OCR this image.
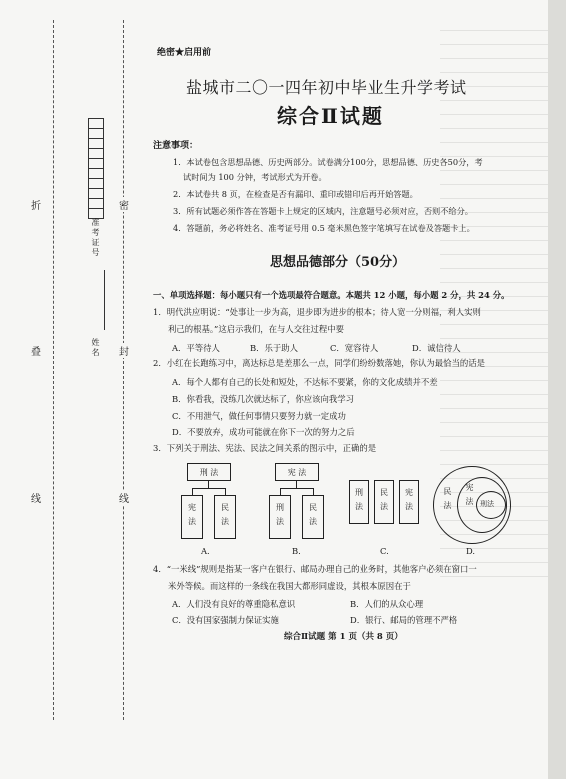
折
叠
线
密
封
线
准考证号
姓名
绝密★启用前
盐城市二〇一四年初中毕业生升学考试
综合Ⅱ试题
注意事项：
1．本试卷包含思想品德、历史两部分。试卷满分100分，思想品德、历史各50分，考
试时间为 100 分钟，考试形式为开卷。
2．本试卷共 8 页，在检查是否有漏印、重印或错印后再开始答题。
3．所有试题必须作答在答题卡上规定的区域内，注意题号必须对应，否则不给分。
4．答题前，务必将姓名、准考证号用 0.5 毫米黑色签字笔填写在试卷及答题卡上。
思想品德部分（50分）
一、单项选择题：每小题只有一个选项最符合题意。本题共 12 小题，每小题 2 分，共 24 分。
1．明代洪应明说：“处事让一步为高，退步即为进步的根本；待人宽一分则福，利人实则
利己的根基。”这启示我们，在与人交往过程中要
A．平等待人	B．乐于助人	C．宽容待人	D．诚信待人
2．小红在长跑练习中，离达标总是差那么一点，同学们纷纷数落她，你认为最恰当的话是
A．每个人都有自己的长处和短处，不达标不要紧，你的文化成绩并不差
B．你看我，没练几次就达标了，你应该向我学习
C．不用泄气，做任何事情只要努力就一定成功
D．不要放弃，成功可能就在你下一次的努力之后
3．下列关于刑法、宪法、民法之间关系的图示中，正确的是
刑 法
宪法	民法
A.
宪 法
刑法	民法
B.
刑法 民法 宪法
C.
民法 宪法 刑法
D.
4．“一米线”规则是指某一客户在银行、邮局办理自己的业务时，其他客户必须在窗口一
米外等候。而这样的一条线在我国大都形同虚设，其根本原因在于
A．人们没有良好的尊重隐私意识	B．人们的从众心理
C．没有国家强制力保证实施	D．银行、邮局的管理不严格
综合Ⅱ试题 第 1 页（共 8 页）
